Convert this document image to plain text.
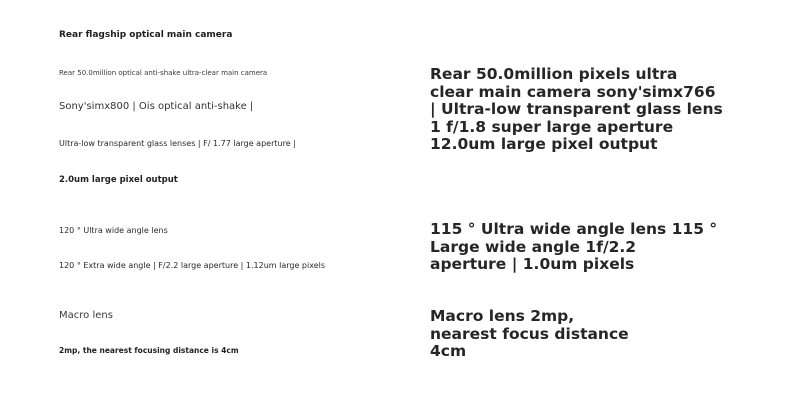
Rear flagship optical main camera
Rear 50.0million optical anti-shake ultra-clear main camera
Sony'simx800 | Ois optical anti-shake |
Ultra-low transparent glass lenses | F/ 1.77 large aperture |
2.0um large pixel output
120 ° Ultra wide angle lens
120 ° Extra wide angle | F/2.2 large aperture | 1.12um large pixels
Macro lens
2mp, the nearest focusing distance is 4cm
Rear 50.0million pixels ultra
clear main camera sony'simx766
| Ultra-low transparent glass lens
1 f/1.8 super large aperture
12.0um large pixel output
115 ° Ultra wide angle lens 115 °
Large wide angle 1f/2.2
aperture | 1.0um pixels
Macro lens 2mp,
nearest focus distance
4cm
